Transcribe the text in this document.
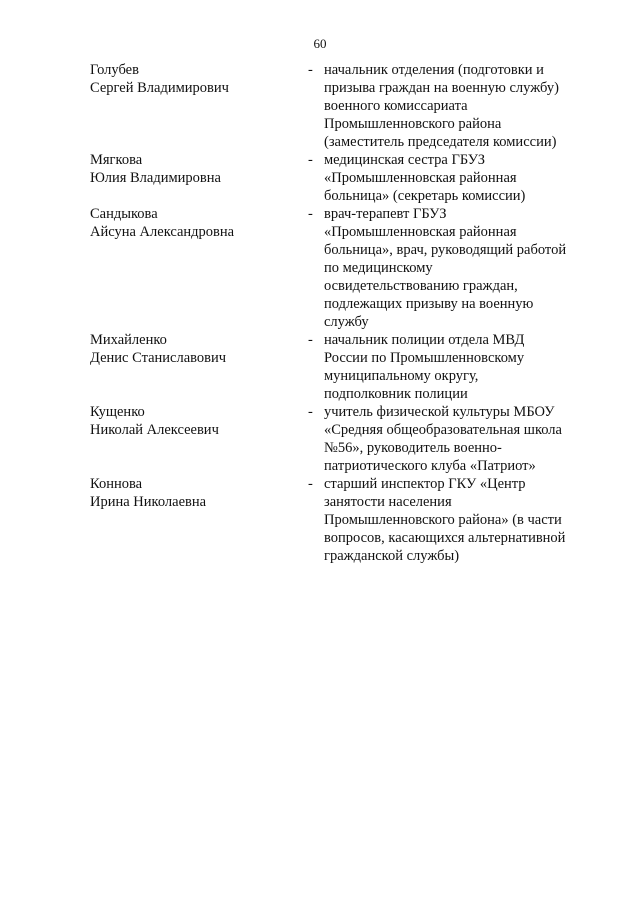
60
Голубев
Сергей Владимирович
- начальник отделения (подготовки и
призыва граждан на военную службу)
военного комиссариата
Промышленновского района
(заместитель председателя комиссии)
Мягкова
Юлия Владимировна
- медицинская сестра ГБУЗ
«Промышленновская районная
больница» (секретарь комиссии)
Сандыкова
Айсуна Александровна
- врач-терапевт ГБУЗ
«Промышленновская районная
больница», врач, руководящий работой
по медицинскому
освидетельствованию граждан,
подлежащих призыву на военную
службу
Михайленко
Денис Станиславович
- начальник полиции отдела МВД
России по Промышленновскому
муниципальному округу,
подполковник полиции
Кущенко
Николай Алексеевич
- учитель физической культуры МБОУ
«Средняя общеобразовательная школа
№56», руководитель военно-
патриотического клуба «Патриот»
Коннова
Ирина Николаевна
- старший инспектор ГКУ «Центр
занятости населения
Промышленновского района» (в части
вопросов, касающихся альтернативной
гражданской службы)
